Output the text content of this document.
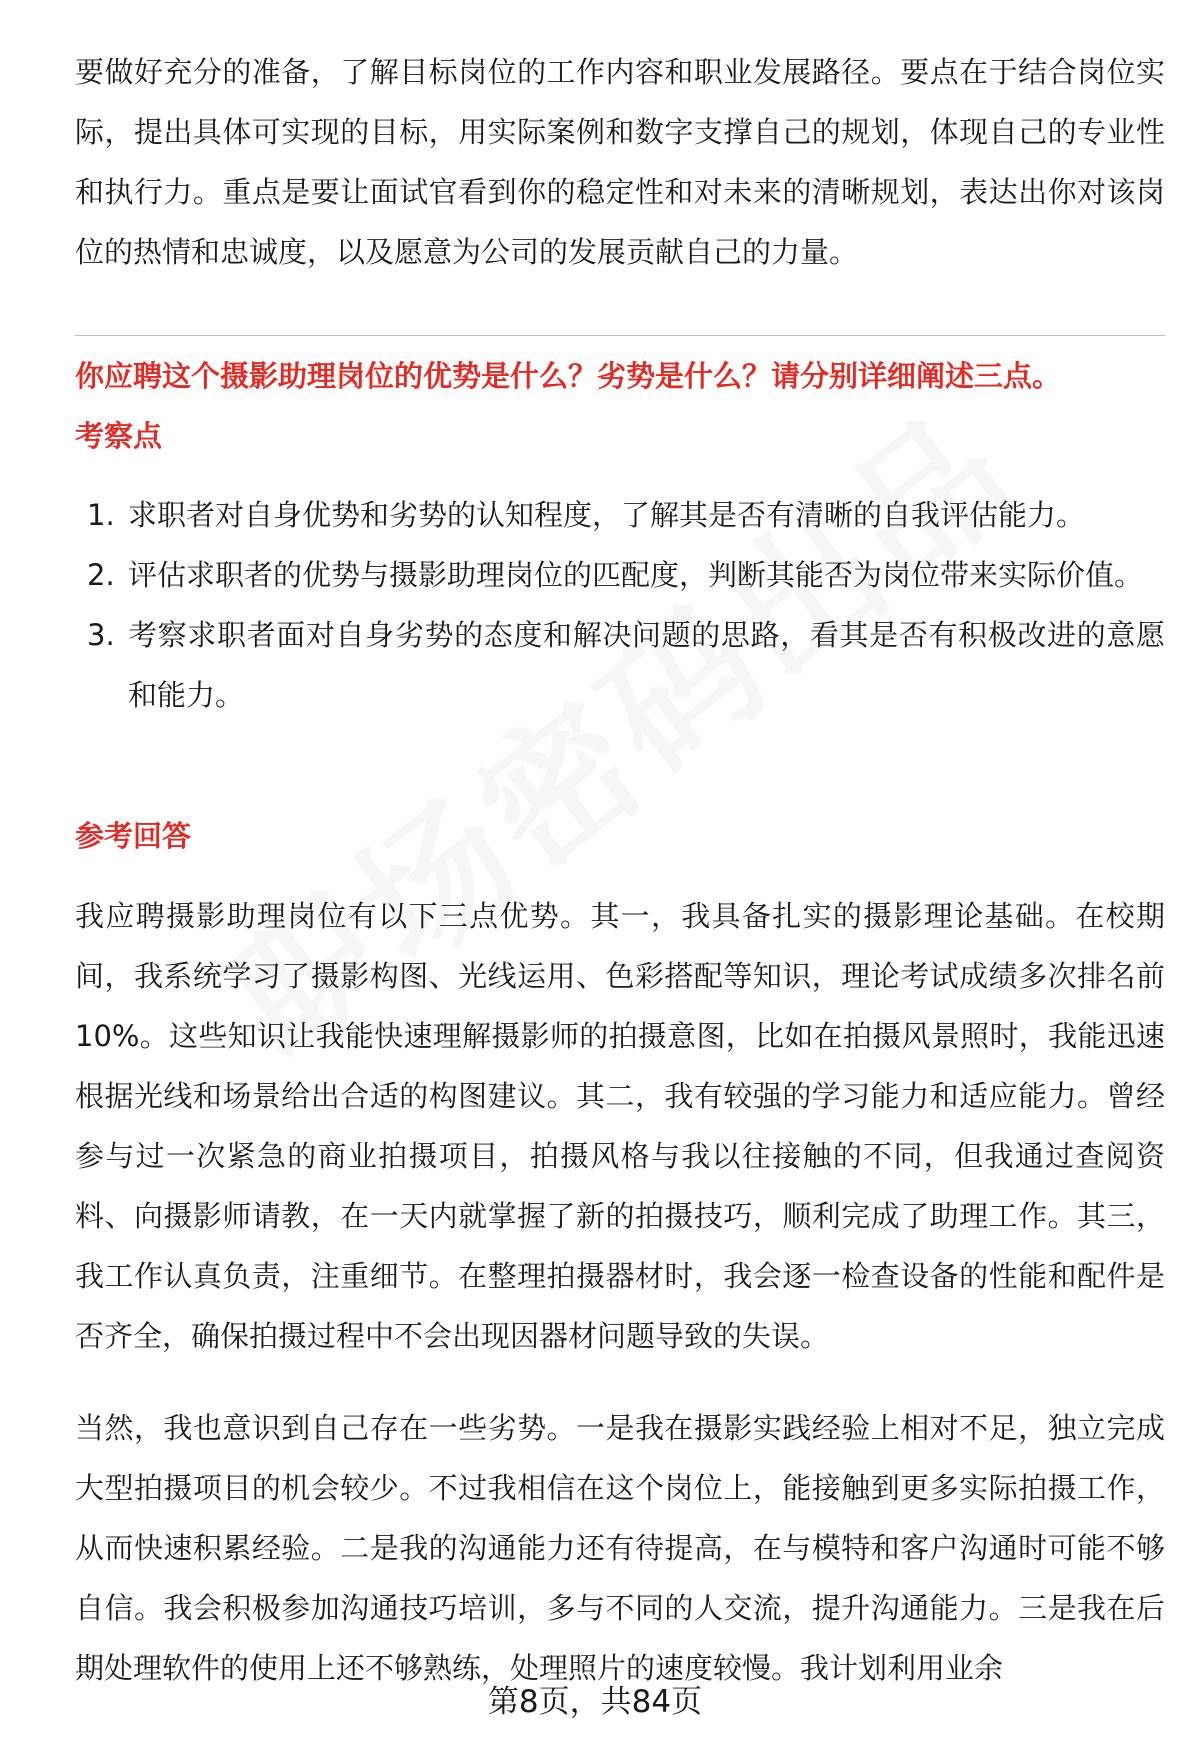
要做好充分的准备，了解目标岗位的工作内容和职业发展路径。要点在于结合岗位实际，提出具体可实现的目标，用实际案例和数字支撑自己的规划，体现自己的专业性和执行力。重点是要让面试官看到你的稳定性和对未来的清晰规划，表达出你对该岗位的热情和忠诚度，以及愿意为公司的发展贡献自己的力量。

你应聘这个摄影助理岗位的优势是什么？劣势是什么？请分别详细阐述三点。

考察点

1. 求职者对自身优势和劣势的认知程度，了解其是否有清晰的自我评估能力。
2. 评估求职者的优势与摄影助理岗位的匹配度，判断其能否为岗位带来实际价值。
3. 考察求职者面对自身劣势的态度和解决问题的思路，看其是否有积极改进的意愿和能力。

参考回答

我应聘摄影助理岗位有以下三点优势。其一，我具备扎实的摄影理论基础。在校期间，我系统学习了摄影构图、光线运用、色彩搭配等知识，理论考试成绩多次排名前 10%。这些知识让我能快速理解摄影师的拍摄意图，比如在拍摄风景照时，我能迅速根据光线和场景给出合适的构图建议。其二，我有较强的学习能力和适应能力。曾经参与过一次紧急的商业拍摄项目，拍摄风格与我以往接触的不同，但我通过查阅资料、向摄影师请教，在一天内就掌握了新的拍摄技巧，顺利完成了助理工作。其三，我工作认真负责，注重细节。在整理拍摄器材时，我会逐一检查设备的性能和配件是否齐全，确保拍摄过程中不会出现因器材问题导致的失误。

当然，我也意识到自己存在一些劣势。一是我在摄影实践经验上相对不足，独立完成大型拍摄项目的机会较少。不过我相信在这个岗位上，能接触到更多实际拍摄工作，从而快速积累经验。二是我的沟通能力还有待提高，在与模特和客户沟通时可能不够自信。我会积极参加沟通技巧培训，多与不同的人交流，提升沟通能力。三是我在后期处理软件的使用上还不够熟练，处理照片的速度较慢。我计划利用业余

第8页，共84页
